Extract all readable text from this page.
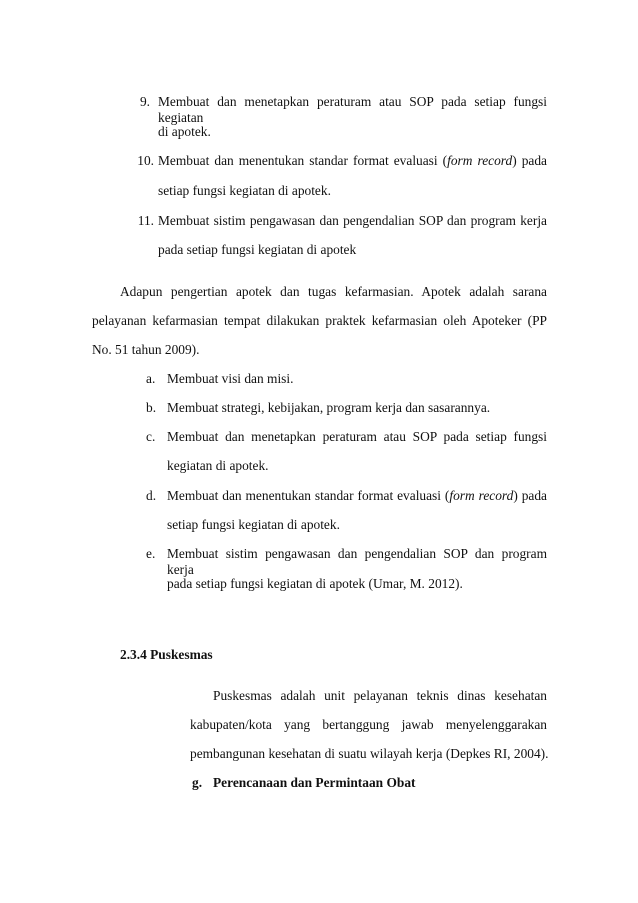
9. Membuat dan menetapkan peraturam atau SOP pada setiap fungsi kegiatan
di apotek.
10. Membuat dan menentukan standar format evaluasi (form record) pada
setiap fungsi kegiatan di apotek.
11. Membuat sistim pengawasan dan pengendalian SOP dan program kerja
pada setiap fungsi kegiatan di apotek
Adapun pengertian apotek dan tugas kefarmasian. Apotek adalah sarana
pelayanan kefarmasian tempat dilakukan praktek kefarmasian oleh Apoteker (PP
No. 51 tahun 2009).
a. Membuat visi dan misi.
b. Membuat strategi, kebijakan, program kerja dan sasarannya.
c. Membuat dan menetapkan peraturam atau SOP pada setiap fungsi
kegiatan di apotek.
d. Membuat dan menentukan standar format evaluasi (form record) pada
setiap fungsi kegiatan di apotek.
e. Membuat sistim pengawasan dan pengendalian SOP dan program kerja
pada setiap fungsi kegiatan di apotek (Umar, M. 2012).
2.3.4 Puskesmas
Puskesmas adalah unit pelayanan teknis dinas kesehatan
kabupaten/kota yang bertanggung jawab menyelenggarakan
pembangunan kesehatan di suatu wilayah kerja (Depkes RI, 2004).
g. Perencanaan dan Permintaan Obat
